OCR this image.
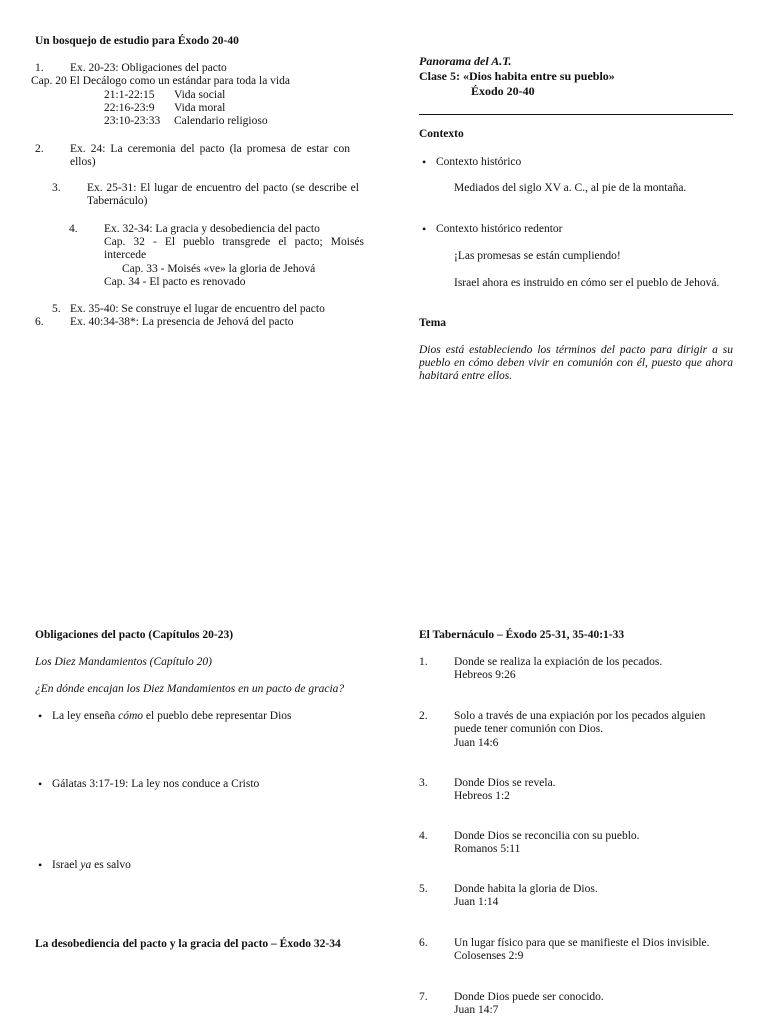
Un bosquejo de estudio para Éxodo 20-40
1. Ex. 20-23: Obligaciones del pacto
Cap. 20 El Decálogo como un estándar para toda la vida
21:1-22:15 Vida social
22:16-23:9 Vida moral
23:10-23:33 Calendario religioso
2. Ex. 24: La ceremonia del pacto (la promesa de estar con ellos)
3. Ex. 25-31: El lugar de encuentro del pacto (se describe el Tabernáculo)
4. Ex. 32-34: La gracia y desobediencia del pacto
Cap. 32 - El pueblo transgrede el pacto; Moisés intercede
Cap. 33 - Moisés «ve» la gloria de Jehová
Cap. 34 - El pacto es renovado
5. Ex. 35-40: Se construye el lugar de encuentro del pacto
6. Ex. 40:34-38*: La presencia de Jehová del pacto
Panorama del A.T.
Clase 5: «Dios habita entre su pueblo»
Éxodo 20-40
Contexto
• Contexto histórico
Mediados del siglo XV a. C., al pie de la montaña.
• Contexto histórico redentor
¡Las promesas se están cumpliendo!
Israel ahora es instruido en cómo ser el pueblo de Jehová.
Tema
Dios está estableciendo los términos del pacto para dirigir a su pueblo en cómo deben vivir en comunión con él, puesto que ahora habitará entre ellos.
Obligaciones del pacto (Capítulos 20-23)
Los Diez Mandamientos (Capítulo 20)
¿En dónde encajan los Diez Mandamientos en un pacto de gracia?
• La ley enseña cómo el pueblo debe representar Dios
• Gálatas 3:17-19: La ley nos conduce a Cristo
• Israel ya es salvo
La desobediencia del pacto y la gracia del pacto – Éxodo 32-34
El Tabernáculo – Éxodo 25-31, 35-40:1-33
1. Donde se realiza la expiación de los pecados.
Hebreos 9:26
2. Solo a través de una expiación por los pecados alguien
puede tener comunión con Dios.
Juan 14:6
3. Donde Dios se revela.
Hebreos 1:2
4. Donde Dios se reconcilia con su pueblo.
Romanos 5:11
5. Donde habita la gloria de Dios.
Juan 1:14
6. Un lugar físico para que se manifieste el Dios invisible.
Colosenses 2:9
7. Donde Dios puede ser conocido.
Juan 14:7
